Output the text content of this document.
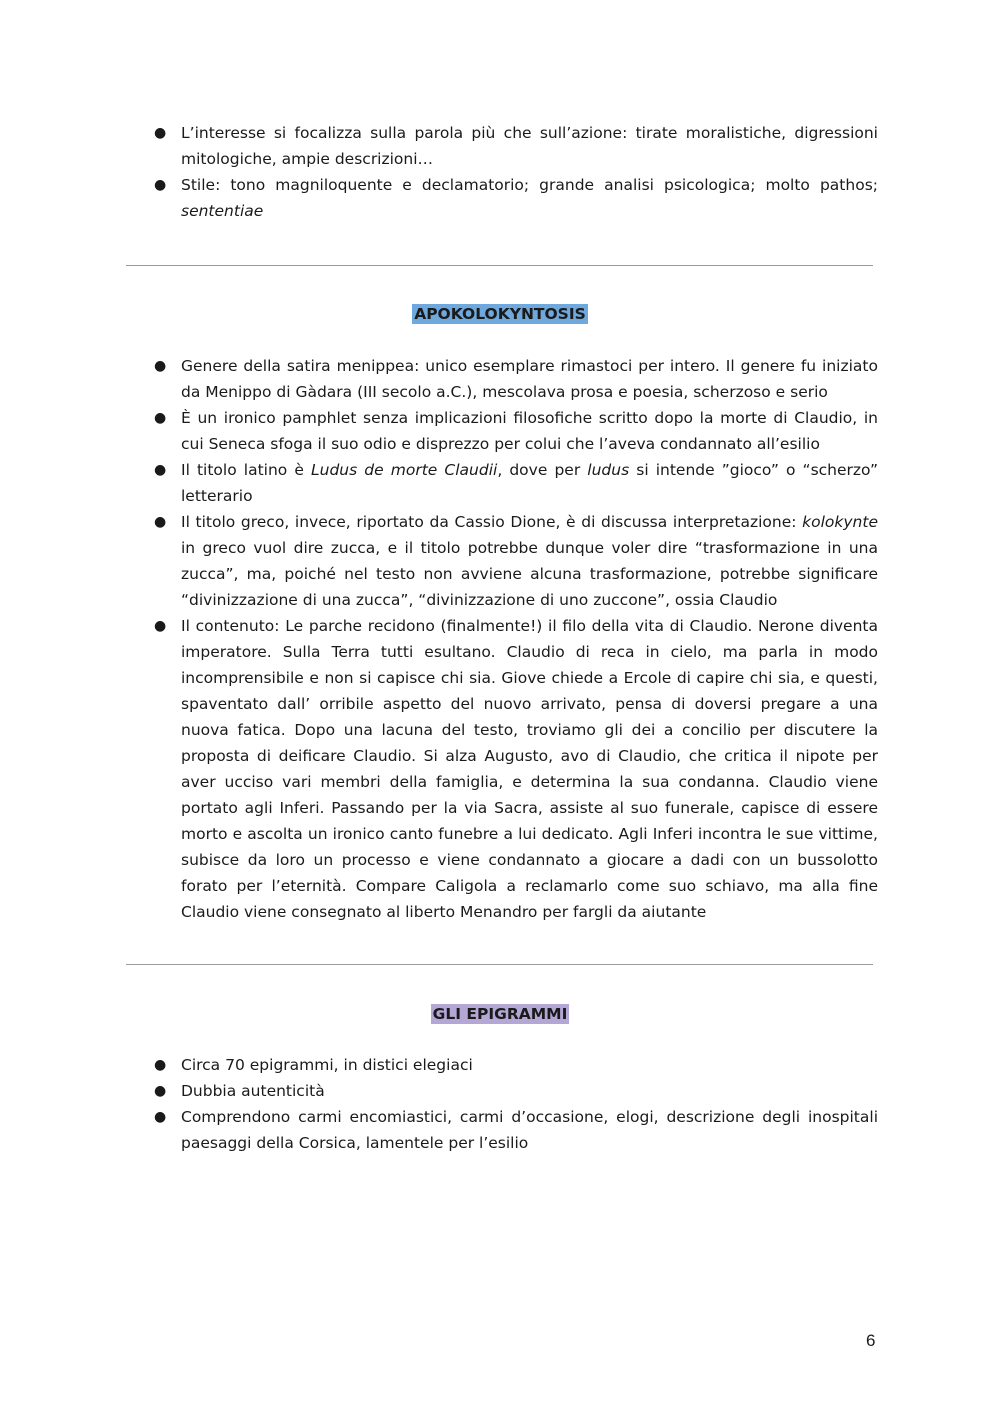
● L’interesse si focalizza sulla parola più che sull’azione: tirate moralistiche, digressioni mitologiche, ampie descrizioni…
● Stile: tono magniloquente e declamatorio; grande analisi psicologica; molto pathos; sententiae
APOKOLOKYNTOSIS
● Genere della satira menippea: unico esemplare rimastoci per intero. Il genere fu iniziato da Menippo di Gàdara (III secolo a.C.), mescolava prosa e poesia, scherzoso e serio
● È un ironico pamphlet senza implicazioni filosofiche scritto dopo la morte di Claudio, in cui Seneca sfoga il suo odio e disprezzo per colui che l’aveva condannato all’esilio
● Il titolo latino è Ludus de morte Claudii, dove per ludus si intende ”gioco” o “scherzo” letterario
● Il titolo greco, invece, riportato da Cassio Dione, è di discussa interpretazione: kolokynte in greco vuol dire zucca, e il titolo potrebbe dunque voler dire “trasformazione in una zucca”, ma, poiché nel testo non avviene alcuna trasformazione, potrebbe significare “divinizzazione di una zucca”, “divinizzazione di uno zuccone”, ossia Claudio
● Il contenuto: Le parche recidono (finalmente!) il filo della vita di Claudio. Nerone diventa imperatore. Sulla Terra tutti esultano. Claudio di reca in cielo, ma parla in modo incomprensibile e non si capisce chi sia. Giove chiede a Ercole di capire chi sia, e questi, spaventato dall’ orribile aspetto del nuovo arrivato, pensa di doversi pregare a una nuova fatica. Dopo una lacuna del testo, troviamo gli dei a concilio per discutere la proposta di deificare Claudio. Si alza Augusto, avo di Claudio, che critica il nipote per aver ucciso vari membri della famiglia, e determina la sua condanna. Claudio viene portato agli Inferi. Passando per la via Sacra, assiste al suo funerale, capisce di essere morto e ascolta un ironico canto funebre a lui dedicato. Agli Inferi incontra le sue vittime, subisce da loro un processo e viene condannato a giocare a dadi con un bussolotto forato per l’eternità. Compare Caligola a reclamarlo come suo schiavo, ma alla fine Claudio viene consegnato al liberto Menandro per fargli da aiutante
GLI EPIGRAMMI
● Circa 70 epigrammi, in distici elegiaci
● Dubbia autenticità
● Comprendono carmi encomiastici, carmi d’occasione, elogi, descrizione degli inospitali paesaggi della Corsica, lamentele per l’esilio
6
